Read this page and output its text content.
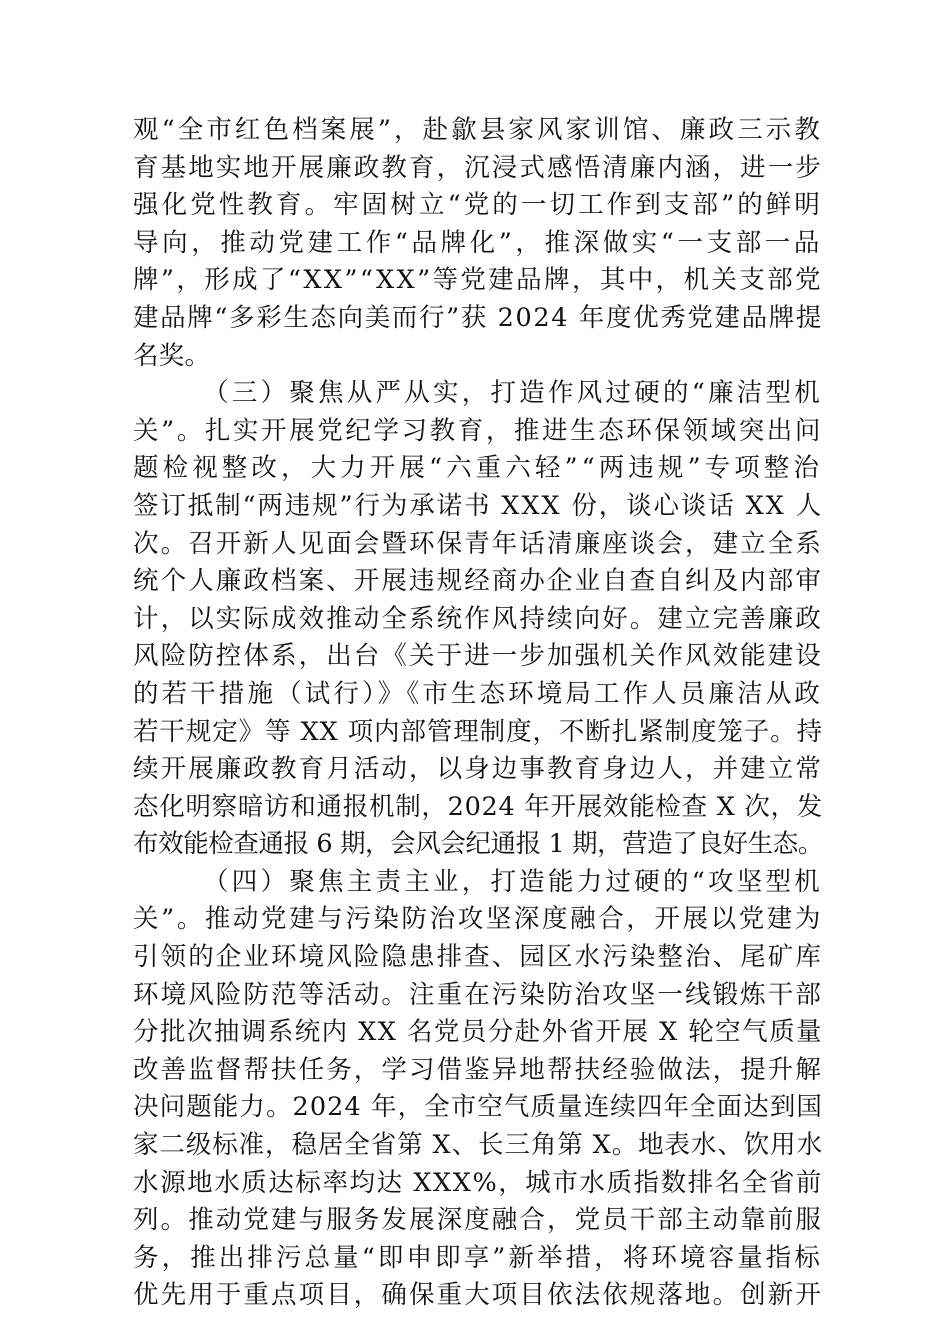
观“全市红色档案展”，赴歙县家风家训馆、廉政三示教
育基地实地开展廉政教育，沉浸式感悟清廉内涵，进一步
强化党性教育。牢固树立“党的一切工作到支部”的鲜明
导向，推动党建工作“品牌化”，推深做实“一支部一品
牌”，形成了“XX”“XX”等党建品牌，其中，机关支部党
建品牌“多彩生态向美而行”获 2024 年度优秀党建品牌提
名奖。
（三）聚焦从严从实，打造作风过硬的“廉洁型机
关”。扎实开展党纪学习教育，推进生态环保领域突出问
题检视整改，大力开展“六重六轻”“两违规”专项整治
签订抵制“两违规”行为承诺书 XXX 份，谈心谈话 XX 人
次。召开新人见面会暨环保青年话清廉座谈会，建立全系
统个人廉政档案、开展违规经商办企业自查自纠及内部审
计，以实际成效推动全系统作风持续向好。建立完善廉政
风险防控体系，出台《关于进一步加强机关作风效能建设
的若干措施（试行）》《市生态环境局工作人员廉洁从政
若干规定》等 XX 项内部管理制度，不断扎紧制度笼子。持
续开展廉政教育月活动，以身边事教育身边人，并建立常
态化明察暗访和通报机制，2024 年开展效能检查 X 次，发
布效能检查通报 6 期，会风会纪通报 1 期，营造了良好生态。
（四）聚焦主责主业，打造能力过硬的“攻坚型机
关”。推动党建与污染防治攻坚深度融合，开展以党建为
引领的企业环境风险隐患排查、园区水污染整治、尾矿库
环境风险防范等活动。注重在污染防治攻坚一线锻炼干部
分批次抽调系统内 XX 名党员分赴外省开展 X 轮空气质量
改善监督帮扶任务，学习借鉴异地帮扶经验做法，提升解
决问题能力。2024 年，全市空气质量连续四年全面达到国
家二级标准，稳居全省第 X、长三角第 X。地表水、饮用水
水源地水质达标率均达 XXX%，城市水质指数排名全省前
列。推动党建与服务发展深度融合，党员干部主动靠前服
务，推出排污总量“即申即享”新举措，将环境容量指标
优先用于重点项目，确保重大项目依法依规落地。创新开
